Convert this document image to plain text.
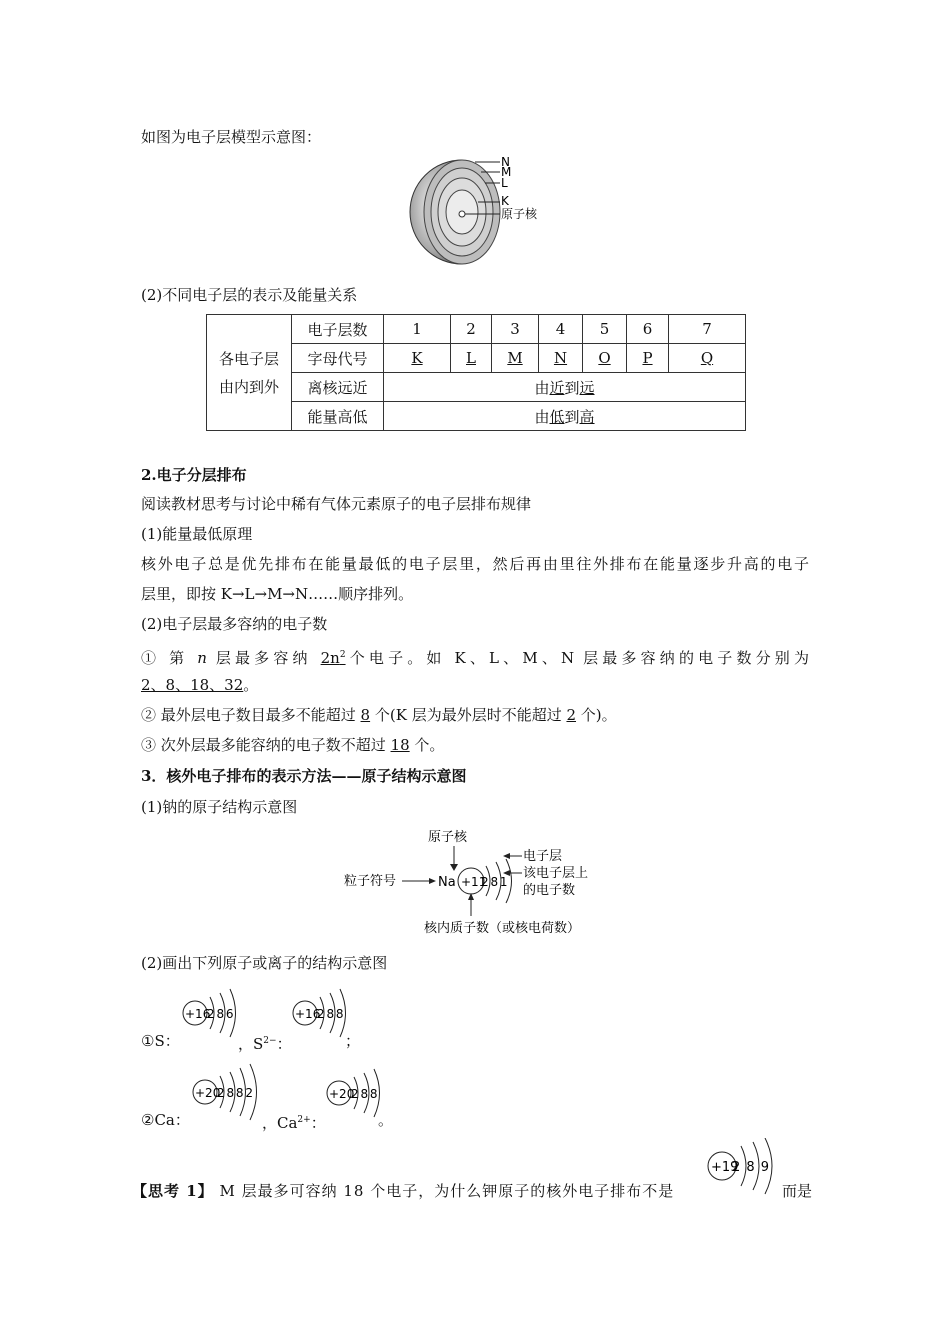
如图为电子层模型示意图：
N
M
L
K
原子核
(2)不同电子层的表示及能量关系
各电子层
由内到外	电子层数	1	2	3	4	5	6	7
	字母代号	K	L	M	N	O	P	Q
	离核远近	由近到远						
	能量高低	由低到高						
2.电子分层排布
阅读教材思考与讨论中稀有气体元素原子的电子层排布规律
(1)能量最低原理
核外电子总是优先排布在能量最低的电子层里，然后再由里往外排布在能量逐步升高的电子
层里，即按 K→L→M→N……顺序排列。
(2)电子层最多容纳的电子数
① 第 n 层最多容纳 $2n^2$个电子。如 K、L、M、N 层最多容纳的电子数分别为
2、8、18、32。
② 最外层电子数目最多不能超过 8 个(K 层为最外层时不能超过 2 个)。
③ 次外层最多能容纳的电子数不超过 18 个。
3．核外电子排布的表示方法——原子结构示意图
(1)钠的原子结构示意图
原子核
电子层
该电子层上
的电子数
粒子符号	Na +11
2 8 1
核内质子数（或核电荷数）
(2)画出下列原子或离子的结构示意图
①S：
+16
2 8 6
，$S^{2-}$：
+16
2 8 8
；
②Ca：
+20
2 8 8 2
，$Ca^{2+}$：
+20
2 8 8
。
【思考 1】 M 层最多可容纳 18 个电子，为什么钾原子的核外电子排布不是
+19
2 8 9
而是
